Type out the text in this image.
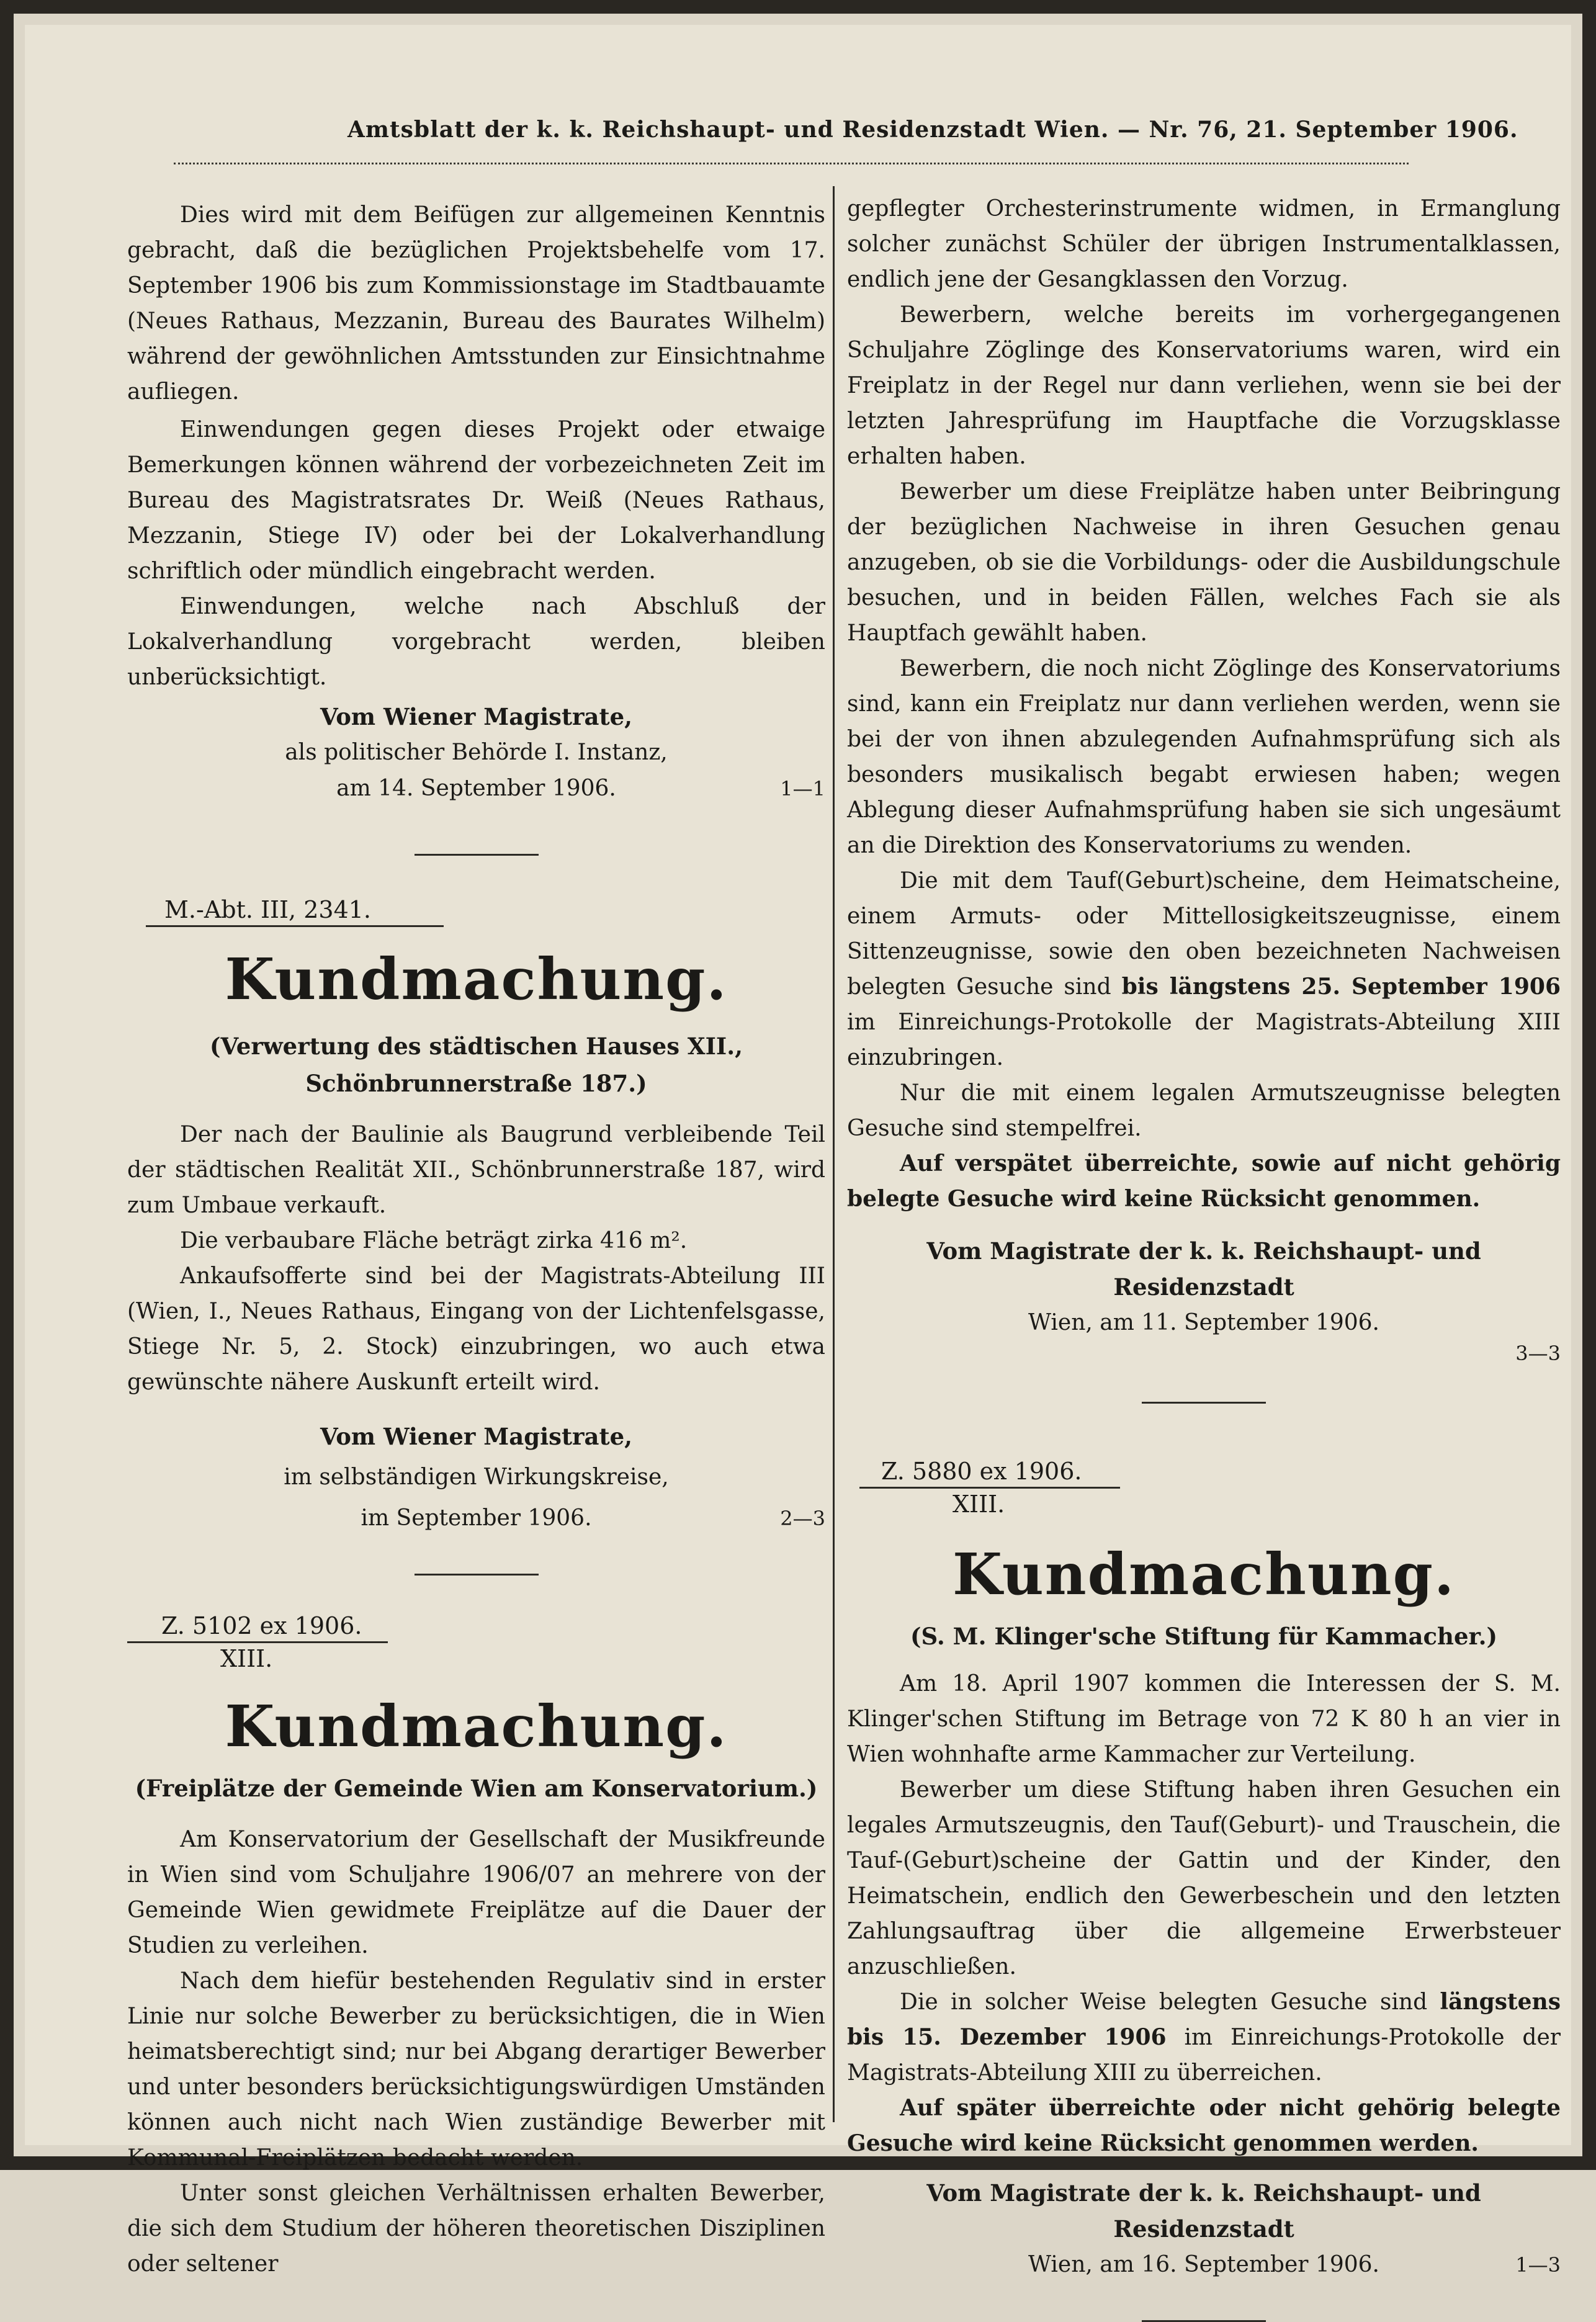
Amtsblatt der k. k. Reichshaupt- und Residenzstadt Wien. — Nr. 76, 21. September 1906.

Dies wird mit dem Beifügen zur allgemeinen Kenntnis gebracht, daß die bezüglichen Projektsbehelfe vom 17. September 1906 bis zum Kommissionstage im Stadtbauamte (Neues Rathaus, Mezzanin, Bureau des Baurates Wilhelm) während der gewöhnlichen Amtsstunden zur Einsichtnahme aufliegen.

Einwendungen gegen dieses Projekt oder etwaige Bemerkungen können während der vorbezeichneten Zeit im Bureau des Magistratsrates Dr. Weiß (Neues Rathaus, Mezzanin, Stiege IV) oder bei der Lokalverhandlung schriftlich oder mündlich eingebracht werden.

Einwendungen, welche nach Abschluß der Lokalverhandlung vorgebracht werden, bleiben unberücksichtigt.

Vom Wiener Magistrate,

als politischer Behörde I. Instanz,

am 14. September 1906.	1—1

M.-Abt. III, 2341.

Kundmachung.

(Verwertung des städtischen Hauses XII., Schönbrunnerstraße 187.)

Der nach der Baulinie als Baugrund verbleibende Teil der städtischen Realität XII., Schönbrunnerstraße 187, wird zum Umbaue verkauft.

Die verbaubare Fläche beträgt zirka 416 m².

Ankaufsofferte sind bei der Magistrats-Abteilung III (Wien, I., Neues Rathaus, Eingang von der Lichtenfelsgasse, Stiege Nr. 5, 2. Stock) einzubringen, wo auch etwa gewünschte nähere Auskunft erteilt wird.

Vom Wiener Magistrate,

im selbständigen Wirkungskreise,

im September 1906.	2—3

Z. 5102 ex 1906.

XIII.

Kundmachung.

(Freiplätze der Gemeinde Wien am Konservatorium.)

Am Konservatorium der Gesellschaft der Musikfreunde in Wien sind vom Schuljahre 1906/07 an mehrere von der Gemeinde Wien gewidmete Freiplätze auf die Dauer der Studien zu verleihen.

Nach dem hiefür bestehenden Regulativ sind in erster Linie nur solche Bewerber zu berücksichtigen, die in Wien heimatsberechtigt sind; nur bei Abgang derartiger Bewerber und unter besonders berücksichtigungswürdigen Umständen können auch nicht nach Wien zuständige Bewerber mit Kommunal-Freiplätzen bedacht werden.

Unter sonst gleichen Verhältnissen erhalten Bewerber, die sich dem Studium der höheren theoretischen Disziplinen oder seltener

gepflegter Orchesterinstrumente widmen, in Ermanglung solcher zunächst Schüler der übrigen Instrumentalklassen, endlich jene der Gesangklassen den Vorzug.

Bewerbern, welche bereits im vorhergegangenen Schuljahre Zöglinge des Konservatoriums waren, wird ein Freiplatz in der Regel nur dann verliehen, wenn sie bei der letzten Jahresprüfung im Hauptfache die Vorzugsklasse erhalten haben.

Bewerber um diese Freiplätze haben unter Beibringung der bezüglichen Nachweise in ihren Gesuchen genau anzugeben, ob sie die Vorbildungs- oder die Ausbildungschule besuchen, und in beiden Fällen, welches Fach sie als Hauptfach gewählt haben.

Bewerbern, die noch nicht Zöglinge des Konservatoriums sind, kann ein Freiplatz nur dann verliehen werden, wenn sie bei der von ihnen abzulegenden Aufnahmsprüfung sich als besonders musikalisch begabt erwiesen haben; wegen Ablegung dieser Aufnahmsprüfung haben sie sich ungesäumt an die Direktion des Konservatoriums zu wenden.

Die mit dem Tauf(Geburt)scheine, dem Heimatscheine, einem Armuts- oder Mittellosigkeitszeugnisse, einem Sittenzeugnisse, sowie den oben bezeichneten Nachweisen belegten Gesuche sind bis längstens 25. September 1906 im Einreichungs-Protokolle der Magistrats-Abteilung XIII einzubringen.

Nur die mit einem legalen Armutszeugnisse belegten Gesuche sind stempelfrei.

Auf verspätet überreichte, sowie auf nicht gehörig belegte Gesuche wird keine Rücksicht genommen.

Vom Magistrate der k. k. Reichshaupt- und Residenzstadt

Wien, am 11. September 1906.

3—3

Z. 5880 ex 1906.

XIII.

Kundmachung.

(S. M. Klinger'sche Stiftung für Kammacher.)

Am 18. April 1907 kommen die Interessen der S. M. Klinger'schen Stiftung im Betrage von 72 K 80 h an vier in Wien wohnhafte arme Kammacher zur Verteilung.

Bewerber um diese Stiftung haben ihren Gesuchen ein legales Armutszeugnis, den Tauf(Geburt)- und Trauschein, die Tauf-(Geburt)scheine der Gattin und der Kinder, den Heimatschein, endlich den Gewerbeschein und den letzten Zahlungsauftrag über die allgemeine Erwerbsteuer anzuschließen.

Die in solcher Weise belegten Gesuche sind längstens bis 15. Dezember 1906 im Einreichungs-Protokolle der Magistrats-Abteilung XIII zu überreichen.

Auf später überreichte oder nicht gehörig belegte Gesuche wird keine Rücksicht genommen werden.

Vom Magistrate der k. k. Reichshaupt- und Residenzstadt

Wien, am 16. September 1906.	1—3
